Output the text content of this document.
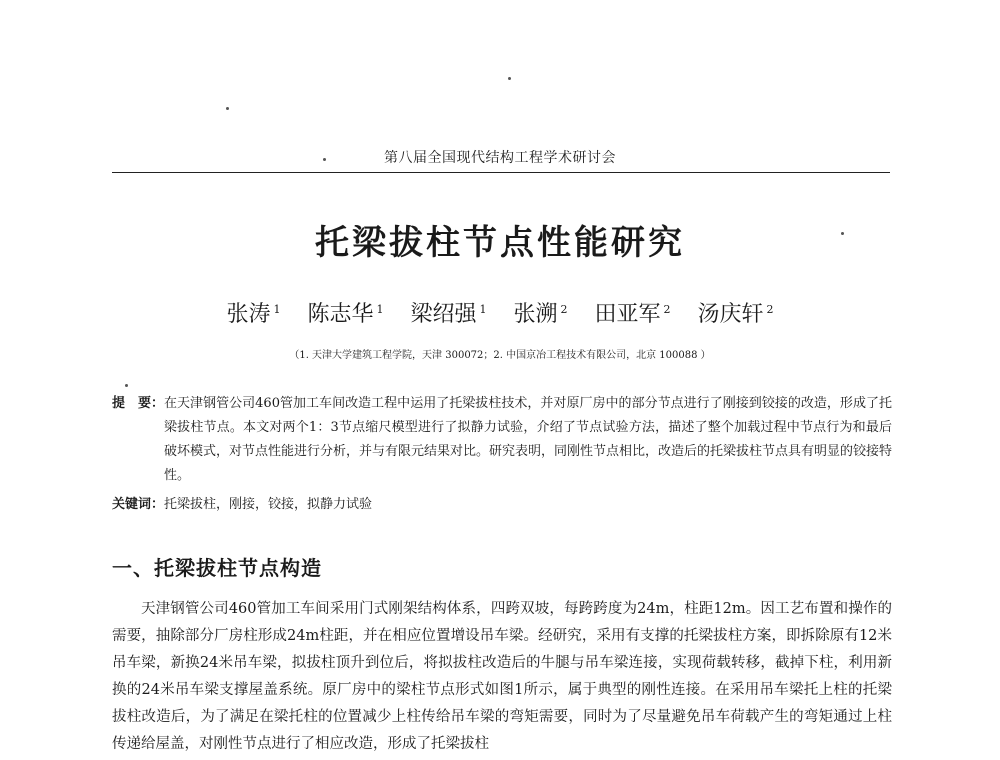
第八届全国现代结构工程学术研讨会
托梁拔柱节点性能研究
张涛 $^1$ 陈志华 $^1$ 梁绍强 $^1$ 张溯 $^2$ 田亚军 $^2$ 汤庆轩 $^2$
（1. 天津大学建筑工程学院，天津 300072；2. 中国京冶工程技术有限公司，北京 100088 ）
提　要： 在天津钢管公司460管加工车间改造工程中运用了托梁拔柱技术，并对原厂房中的部分节点进行了刚接到铰接的改造，形成了托梁拔柱节点。本文对两个1：3节点缩尺模型进行了拟静力试验，介绍了节点试验方法，描述了整个加载过程中节点行为和最后破坏模式，对节点性能进行分析，并与有限元结果对比。研究表明，同刚性节点相比，改造后的托梁拔柱节点具有明显的铰接特性。
关键词：托梁拔柱，刚接，铰接，拟静力试验
一、托梁拔柱节点构造
天津钢管公司460管加工车间采用门式刚架结构体系，四跨双坡，每跨跨度为24m，柱距12m。因工艺布置和操作的需要，抽除部分厂房柱形成24m柱距，并在相应位置增设吊车梁。经研究，采用有支撑的托梁拔柱方案，即拆除原有12米吊车梁，新换24米吊车梁，拟拔柱顶升到位后，将拟拔柱改造后的牛腿与吊车梁连接，实现荷载转移，截掉下柱，利用新换的24米吊车梁支撑屋盖系统。原厂房中的梁柱节点形式如图1所示，属于典型的刚性连接。在采用吊车梁托上柱的托梁拔柱改造后，为了满足在梁托柱的位置减少上柱传给吊车梁的弯矩需要，同时为了尽量避免吊车荷载产生的弯矩通过上柱传递给屋盖，对刚性节点进行了相应改造，形成了托梁拔柱
